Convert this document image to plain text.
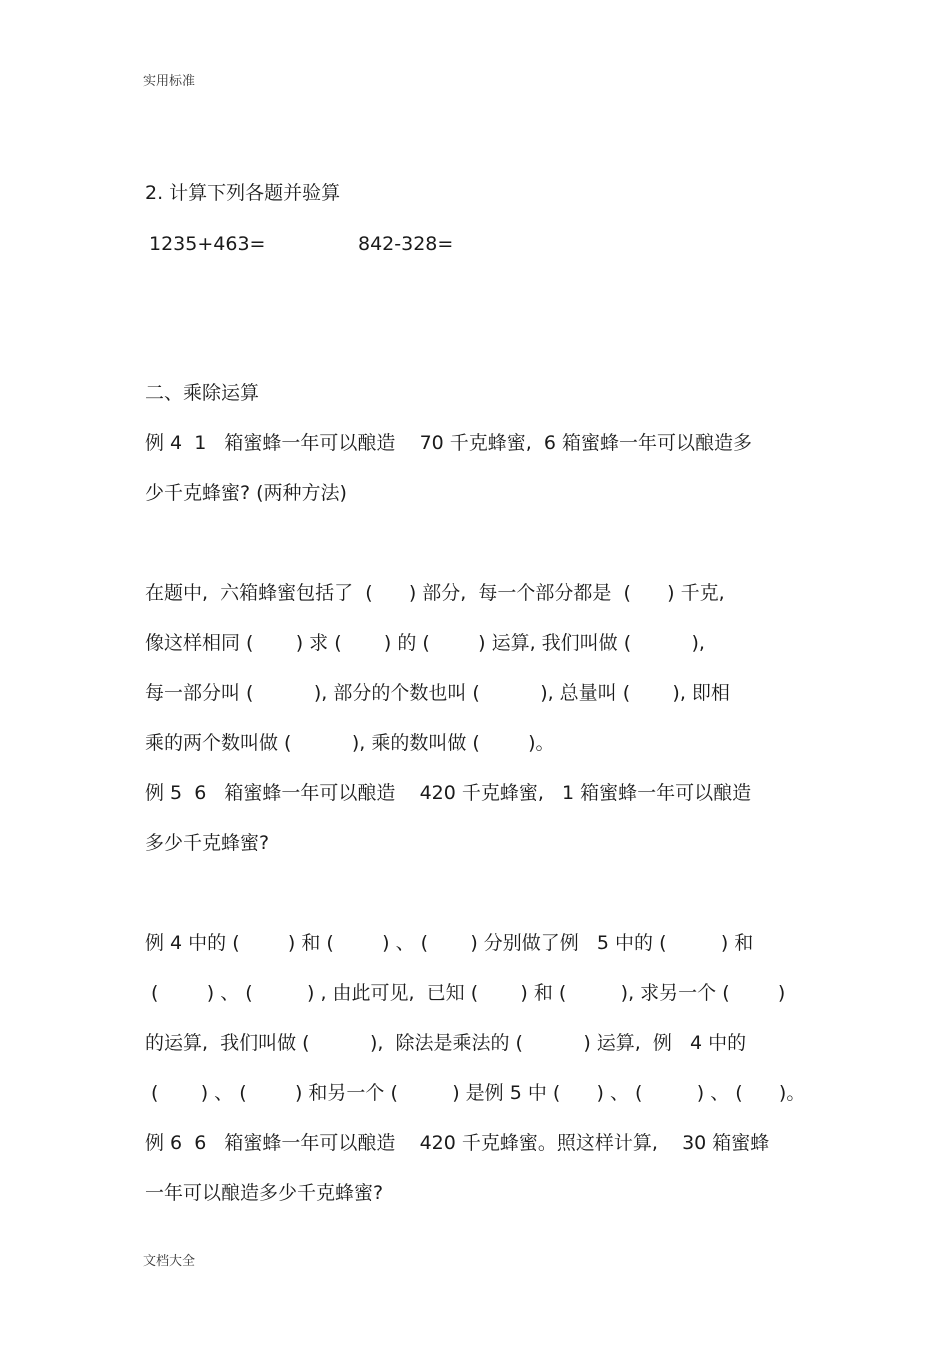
实用标准
2. 计算下列各题并验算
1235+463=	842-328=
二、乘除运算
例 4  1   箱蜜蜂一年可以酿造    70 千克蜂蜜,  6 箱蜜蜂一年可以酿造多
少千克蜂蜜? (两种方法)
在题中,  六箱蜂蜜包括了  (      ) 部分,  每一个部分都是  (      ) 千克,
像这样相同 (       ) 求 (       ) 的 (        ) 运算, 我们叫做 (          ),
每一部分叫 (          ), 部分的个数也叫 (          ), 总量叫 (       ), 即相
乘的两个数叫做 (          ), 乘的数叫做 (        )。
例 5  6   箱蜜蜂一年可以酿造    420 千克蜂蜜,   1 箱蜜蜂一年可以酿造
多少千克蜂蜜?
例 4 中的 (        ) 和 (        ) 、 (       ) 分别做了例   5 中的 (         ) 和
(        ) 、 (         ) , 由此可见,  已知 (       ) 和 (         ), 求另一个 (        )
的运算,  我们叫做 (          ),  除法是乘法的 (          ) 运算,  例   4 中的
(       ) 、 (        ) 和另一个 (         ) 是例 5 中 (      ) 、 (         ) 、 (      )。
例 6  6   箱蜜蜂一年可以酿造    420 千克蜂蜜。照这样计算,    30 箱蜜蜂
一年可以酿造多少千克蜂蜜?
文档大全
